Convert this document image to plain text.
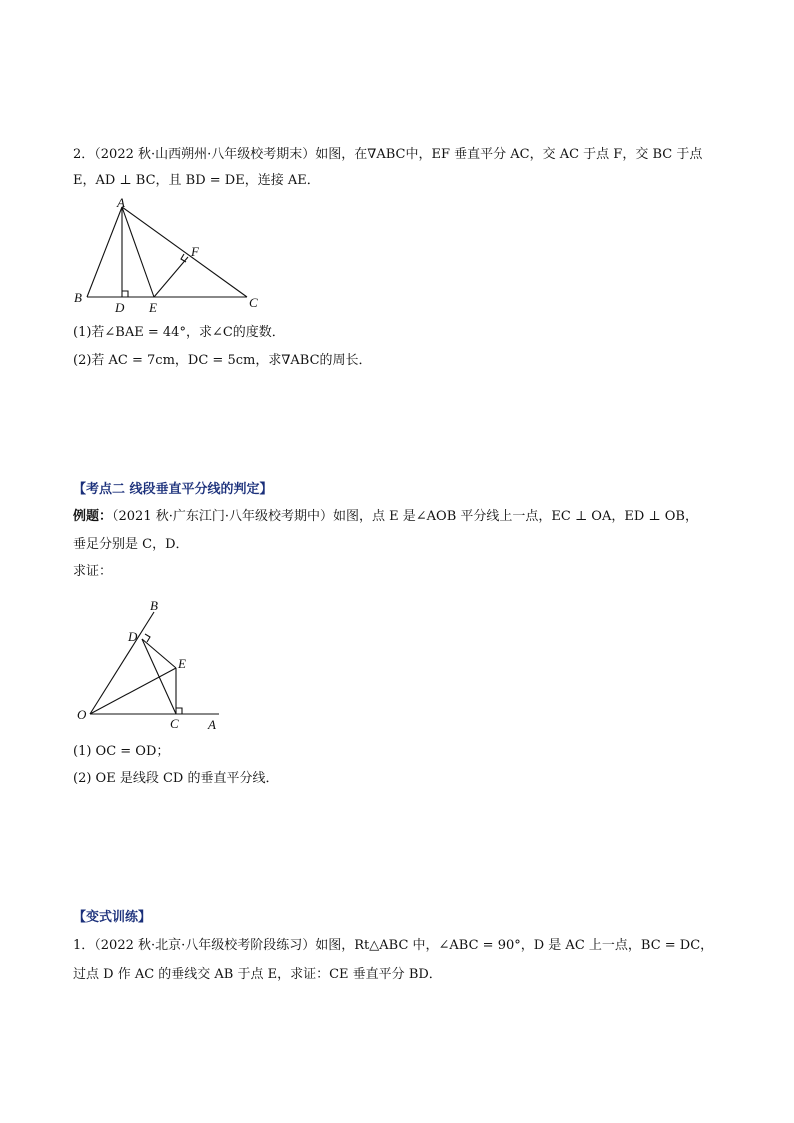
2．（2022 秋·山西朔州·八年级校考期末）如图，在∇ABC中，EF 垂直平分 AC，交 AC 于点 F，交 BC 于点
E，AD ⊥ BC，且 BD = DE，连接 AE．
A
B	C
D E
F
(1)若∠BAE = 44°，求∠C的度数．
(2)若 AC = 7cm，DC = 5cm，求∇ABC的周长．
【考点二 线段垂直平分线的判定】
例题：（2021 秋·广东江门·八年级校考期中）如图，点 E 是∠AOB 平分线上一点，EC ⊥ OA，ED ⊥ OB，
垂足分别是 C，D．
求证：
O
A
B
C
D
E
(1) OC = OD；
(2) OE 是线段 CD 的垂直平分线．
【变式训练】
1．（2022 秋·北京·八年级校考阶段练习）如图，Rt△ABC 中，∠ABC = 90°，D 是 AC 上一点，BC = DC，
过点 D 作 AC 的垂线交 AB 于点 E，求证：CE 垂直平分 BD．
